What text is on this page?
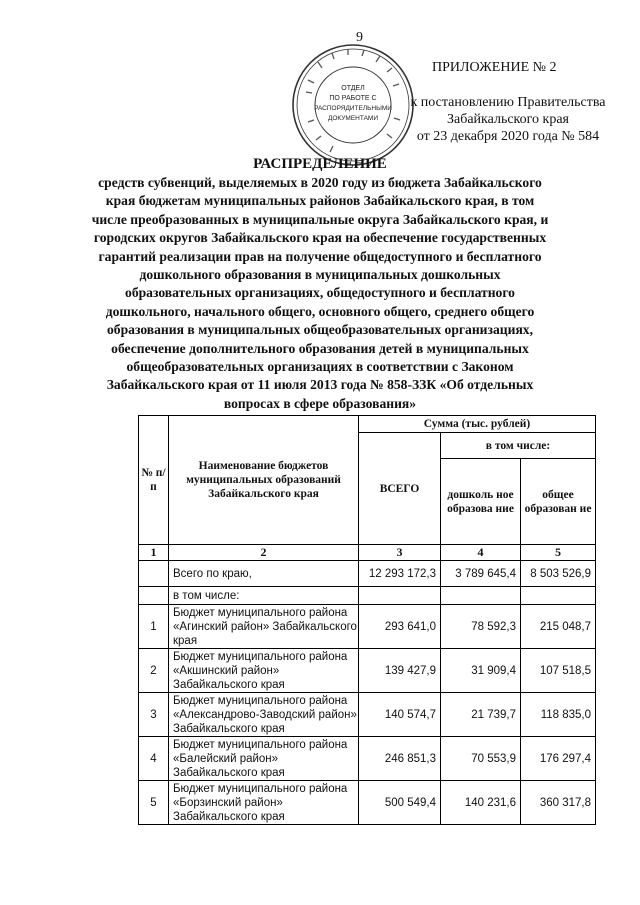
9
ОТДЕЛ
ПО РАБОТЕ С
РАСПОРЯДИТЕЛЬНЫМИ
ДОКУМЕНТАМИ
ПРИЛОЖЕНИЕ № 2
к постановлению Правительства
Забайкальского края
от 23 декабря 2020 года № 584
РАСПРЕДЕЛЕНИЕ
средств субвенций, выделяемых в 2020 году из бюджета Забайкальского края бюджетам муниципальных районов Забайкальского края, в том числе преобразованных в муниципальные округа Забайкальского края, и городских округов Забайкальского края на обеспечение государственных гарантий реализации прав на получение общедоступного и бесплатного дошкольного образования в муниципальных дошкольных образовательных организациях, общедоступного и бесплатного дошкольного, начального общего, основного общего, среднего общего образования в муниципальных общеобразовательных организациях, обеспечение дополнительного образования детей в муниципальных общеобразовательных организациях в соответствии с Законом Забайкальского края от 11 июля 2013 года № 858-ЗЗК «Об отдельных вопросах в сфере образования»
№ п/п	Наименование бюджетов муниципальных образований Забайкальского края	Сумма (тыс. рублей)		
		ВСЕГО	в том числе:	
			дошколь ное образова ние	общее образован ие
1	2	3	4	5
	Всего по краю,	12 293 172,3	3 789 645,4	8 503 526,9
	в том числе:			
1	Бюджет муниципального района «Агинский район» Забайкальского края	293 641,0	78 592,3	215 048,7
2	Бюджет муниципального района «Акшинский район» Забайкальского края	139 427,9	31 909,4	107 518,5
3	Бюджет муниципального района «Александрово-Заводский район» Забайкальского края	140 574,7	21 739,7	118 835,0
4	Бюджет муниципального района «Балейский район» Забайкальского края	246 851,3	70 553,9	176 297,4
5	Бюджет муниципального района «Борзинский район» Забайкальского края	500 549,4	140 231,6	360 317,8
